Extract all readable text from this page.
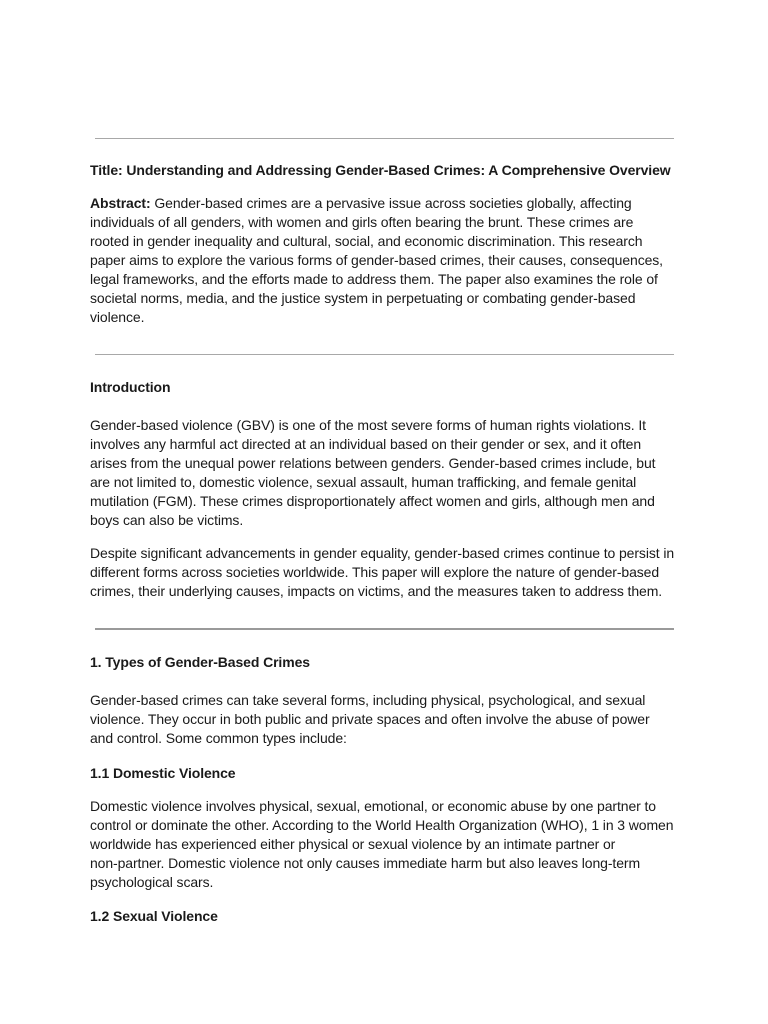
Title: Understanding and Addressing Gender-Based Crimes: A Comprehensive Overview
Abstract: Gender-based crimes are a pervasive issue across societies globally, affecting
individuals of all genders, with women and girls often bearing the brunt. These crimes are
rooted in gender inequality and cultural, social, and economic discrimination. This research
paper aims to explore the various forms of gender-based crimes, their causes, consequences,
legal frameworks, and the efforts made to address them. The paper also examines the role of
societal norms, media, and the justice system in perpetuating or combating gender-based
violence.
Introduction
Gender-based violence (GBV) is one of the most severe forms of human rights violations. It
involves any harmful act directed at an individual based on their gender or sex, and it often
arises from the unequal power relations between genders. Gender-based crimes include, but
are not limited to, domestic violence, sexual assault, human trafficking, and female genital
mutilation (FGM). These crimes disproportionately affect women and girls, although men and
boys can also be victims.
Despite significant advancements in gender equality, gender-based crimes continue to persist in
different forms across societies worldwide. This paper will explore the nature of gender-based
crimes, their underlying causes, impacts on victims, and the measures taken to address them.
1. Types of Gender-Based Crimes
Gender-based crimes can take several forms, including physical, psychological, and sexual
violence. They occur in both public and private spaces and often involve the abuse of power
and control. Some common types include:
1.1 Domestic Violence
Domestic violence involves physical, sexual, emotional, or economic abuse by one partner to
control or dominate the other. According to the World Health Organization (WHO), 1 in 3 women
worldwide has experienced either physical or sexual violence by an intimate partner or
non-partner. Domestic violence not only causes immediate harm but also leaves long-term
psychological scars.
1.2 Sexual Violence
